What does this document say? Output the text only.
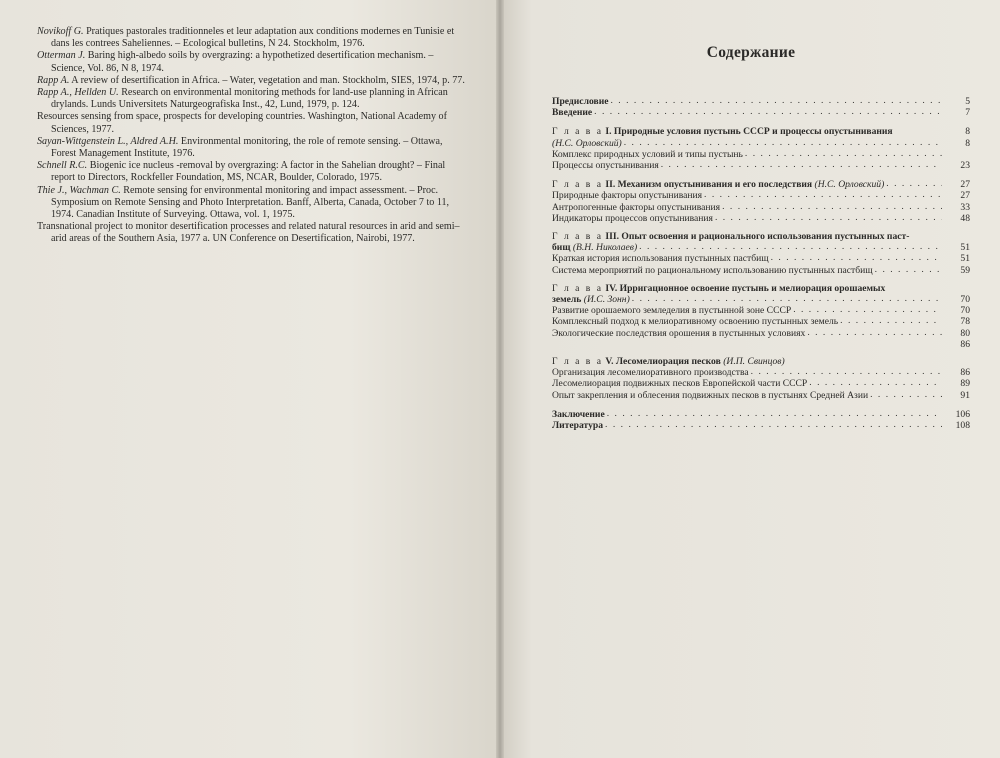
Novikoff G. Pratiques pastorales traditionneles et leur adaptation aux conditions modernes en Tunisie et dans les contrees Saheliennes. – Ecological bulletins, N 24. Stockholm, 1976.

Otterman J. Baring high-albedo soils by overgrazing: a hypothetized desertification mechanism. – Science, Vol. 86, N 8, 1974.

Rapp A. A review of desertification in Africa. – Water, vegetation and man. Stockholm, SIES, 1974, p. 77.

Rapp A., Hellden U. Research on environmental monitoring methods for land-use planning in African drylands. Lunds Universitets Naturgeografiska Inst., 42, Lund, 1979, p. 124.

Resources sensing from space, prospects for developing countries. Washington, National Academy of Sciences, 1977.

Sayan-Wittgenstein L., Aldred A.H. Environmental monitoring, the role of remote sensing. – Ottawa, Forest Management Institute, 1976.

Schnell R.C. Biogenic ice nucleus -removal by overgrazing: A factor in the Sahelian drought? – Final report to Directors, Rockfeller Foundation, MS, NCAR, Boulder, Colorado, 1975.

Thie J., Wachman C. Remote sensing for environmental monitoring and impact assessment. – Proc. Symposium on Remote Sensing and Photo Interpretation. Banff, Alberta, Canada, October 7 to 11, 1974. Canadian Institute of Surveying. Ottawa, vol. 1, 1975.

Transnational project to monitor desertification processes and related natural resources in arid and semi–arid areas of the Southern Asia, 1977 a. UN Conference on Desertification, Nairobi, 1977.

Содержание
Предисловие . . .	5
Введение . . .	7
Г л а в а I. Природные условия пустынь СССР и процессы опустынивания	8
(Н.С. Орловский) . . .	8
Комплекс природных условий и типы пустынь
. . .
Процессы опустынивания . . .	23
Г л а в а II. Механизм опустынивания и его последствия (Н.С. Орловский) . . .	27
Природные факторы опустынивания . . .	27
Антропогенные факторы опустынивания . . .	33
Индикаторы процессов опустынивания . . .	48
Г л а в а III. Опыт освоения и рационального использования пустынных паст-
бищ (В.Н. Николаев) . . .	51
Краткая история использования пустынных пастбищ . . .	51
Система мероприятий по рациональному использованию пустынных пастбищ . . .	59
Г л а в а IV. Ирригационное освоение пустынь и мелиорация орошаемых
земель (И.С. Зонн) . . .	70
Развитие орошаемого земледелия в пустынной зоне СССР . . .	70
Комплексный подход к мелиоративному освоению пустынных земель . . .	78
Экологические последствия орошения в пустынных условиях . . .	80
86
Г л а в а V. Лесомелиорация песков (И.П. Свинцов)
Организация лесомелиоративного производства . . .	86
Лесомелиорация подвижных песков Европейской части СССР . . .	89
Опыт закрепления и облесения подвижных песков в пустынях Средней Азии . . .	91
Заключение . . .	106
Литература . . .	108
